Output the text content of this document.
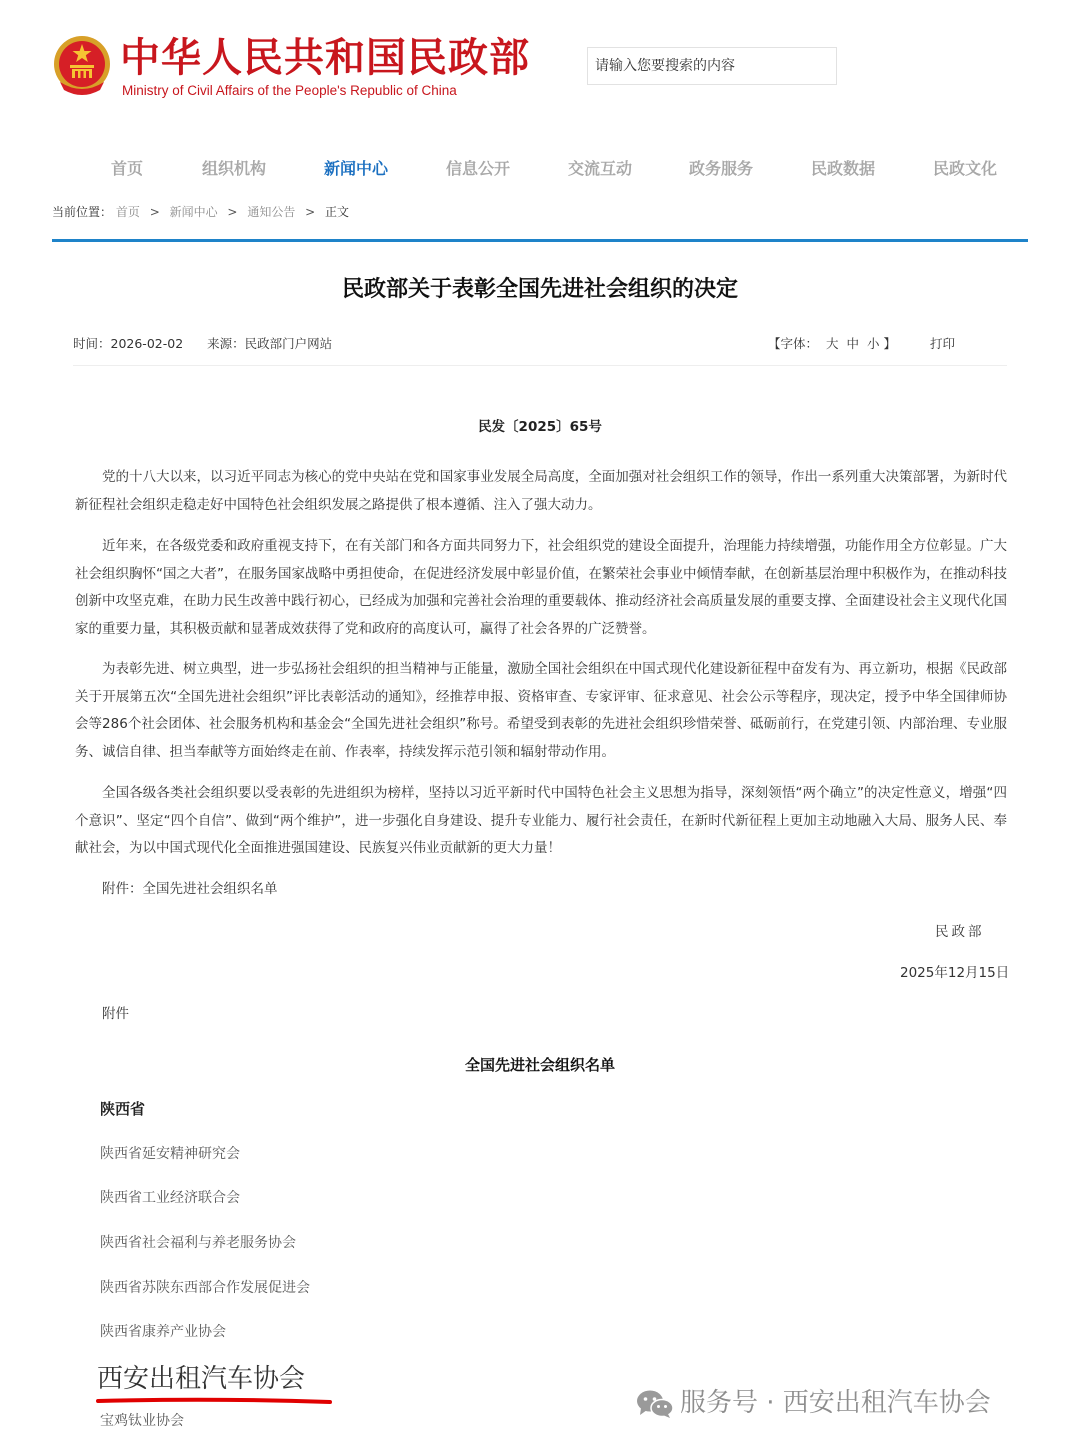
中华人民共和国民政部
Ministry of Civil Affairs of the People's Republic of China
请输入您要搜索的内容
首页	组织机构	新闻中心	信息公开	交流互动	政务服务	民政数据	民政文化
当前位置： 首页 > 新闻中心 > 通知公告 > 正文
民政部关于表彰全国先进社会组织的决定
时间：2026-02-02 来源：民政部门户网站	【字体： 大 中 小 】	打印
民发〔2025〕65号

党的十八大以来，以习近平同志为核心的党中央站在党和国家事业发展全局高度，全面加强对社会组织工作的领导，作出一系列重大决策部署，为新时代新征程社会组织走稳走好中国特色社会组织发展之路提供了根本遵循、注入了强大动力。

近年来，在各级党委和政府重视支持下，在有关部门和各方面共同努力下，社会组织党的建设全面提升，治理能力持续增强，功能作用全方位彰显。广大社会组织胸怀“国之大者”，在服务国家战略中勇担使命，在促进经济发展中彰显价值，在繁荣社会事业中倾情奉献，在创新基层治理中积极作为，在推动科技创新中攻坚克难，在助力民生改善中践行初心，已经成为加强和完善社会治理的重要载体、推动经济社会高质量发展的重要支撑、全面建设社会主义现代化国家的重要力量，其积极贡献和显著成效获得了党和政府的高度认可，赢得了社会各界的广泛赞誉。

为表彰先进、树立典型，进一步弘扬社会组织的担当精神与正能量，激励全国社会组织在中国式现代化建设新征程中奋发有为、再立新功，根据《民政部关于开展第五次“全国先进社会组织”评比表彰活动的通知》，经推荐申报、资格审查、专家评审、征求意见、社会公示等程序，现决定，授予中华全国律师协会等286个社会团体、社会服务机构和基金会“全国先进社会组织”称号。希望受到表彰的先进社会组织珍惜荣誉、砥砺前行，在党建引领、内部治理、专业服务、诚信自律、担当奉献等方面始终走在前、作表率，持续发挥示范引领和辐射带动作用。

全国各级各类社会组织要以受表彰的先进组织为榜样，坚持以习近平新时代中国特色社会主义思想为指导，深刻领悟“两个确立”的决定性意义，增强“四个意识”、坚定“四个自信”、做到“两个维护”，进一步强化自身建设、提升专业能力、履行社会责任，在新时代新征程上更加主动地融入大局、服务人民、奉献社会，为以中国式现代化全面推进强国建设、民族复兴伟业贡献新的更大力量！

附件：全国先进社会组织名单
民政部
2025年12月15日
附件
全国先进社会组织名单
陕西省
陕西省延安精神研究会
陕西省工业经济联合会
陕西省社会福利与养老服务协会
陕西省苏陕东西部合作发展促进会
陕西省康养产业协会
西安出租汽车协会
宝鸡钛业协会
服务号 · 西安出租汽车协会
